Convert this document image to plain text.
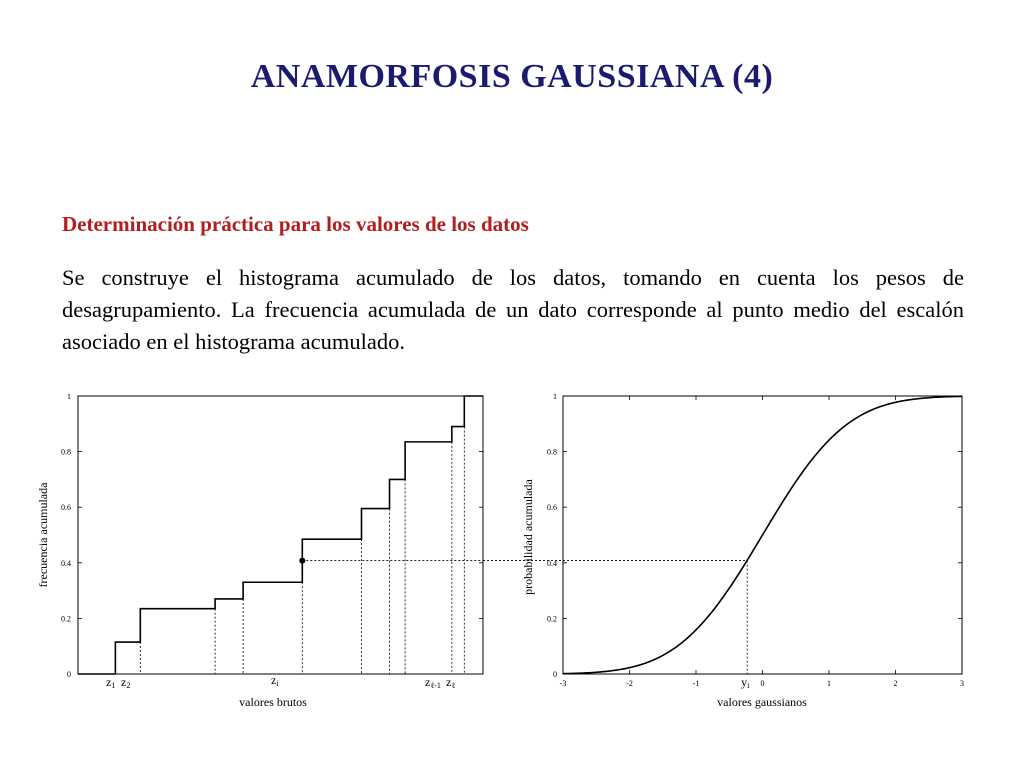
ANAMORFOSIS GAUSSIANA (4)
Determinación práctica para los valores de los datos
Se construye el histograma acumulado de los datos, tomando en cuenta los pesos de desagrupamiento. La frecuencia acumulada de un dato corresponde al punto medio del escalón asociado en el histograma acumulado.
0
0.2
0.4
0.6
0.8
1
z1 z2	zi	zℓ-1 zℓ
valores brutos
frecuencia acumulada
0
0.2
0.4
0.6
0.8
1
-3	-2	-1	0	1	2	3
yi
valores gaussianos
probabilidad acumulada
